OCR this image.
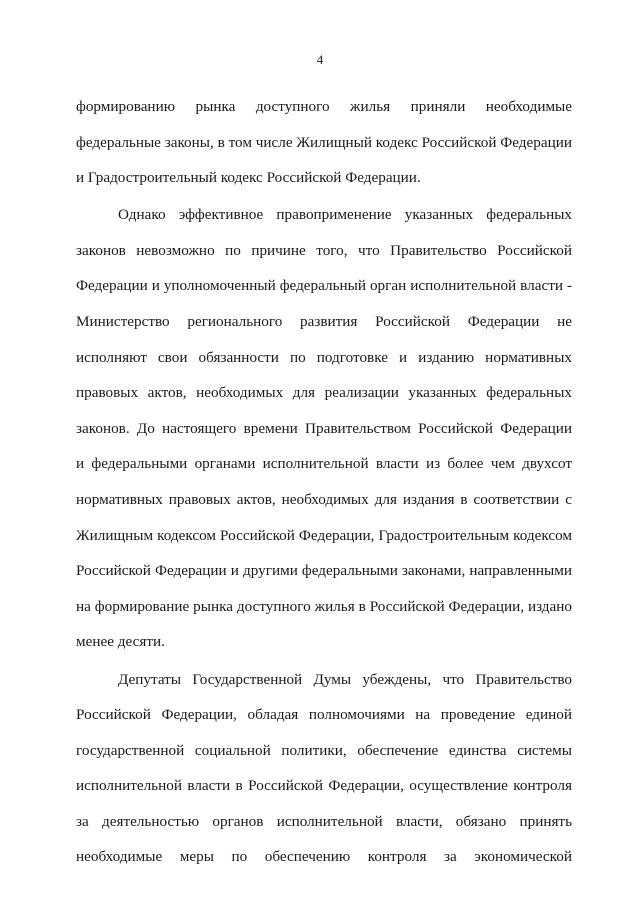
4
формированию рынка доступного жилья приняли необходимые
федеральные законы, в том числе Жилищный кодекс Российской Федерации
и Градостроительный кодекс Российской Федерации.
Однако эффективное правоприменение указанных федеральных
законов невозможно по причине того, что Правительство Российской
Федерации и уполномоченный федеральный орган исполнительной власти -
Министерство регионального развития Российской Федерации не
исполняют свои обязанности по подготовке и изданию нормативных
правовых актов, необходимых для реализации указанных федеральных
законов. До настоящего времени Правительством Российской Федерации
и федеральными органами исполнительной власти из более чем двухсот
нормативных правовых актов, необходимых для издания в соответствии с
Жилищным кодексом Российской Федерации, Градостроительным кодексом
Российской Федерации и другими федеральными законами, направленными
на формирование рынка доступного жилья в Российской Федерации, издано
менее десяти.
Депутаты Государственной Думы убеждены, что Правительство
Российской Федерации, обладая полномочиями на проведение единой
государственной социальной политики, обеспечение единства системы
исполнительной власти в Российской Федерации, осуществление контроля
за деятельностью органов исполнительной власти, обязано принять
необходимые меры по обеспечению контроля за экономической
